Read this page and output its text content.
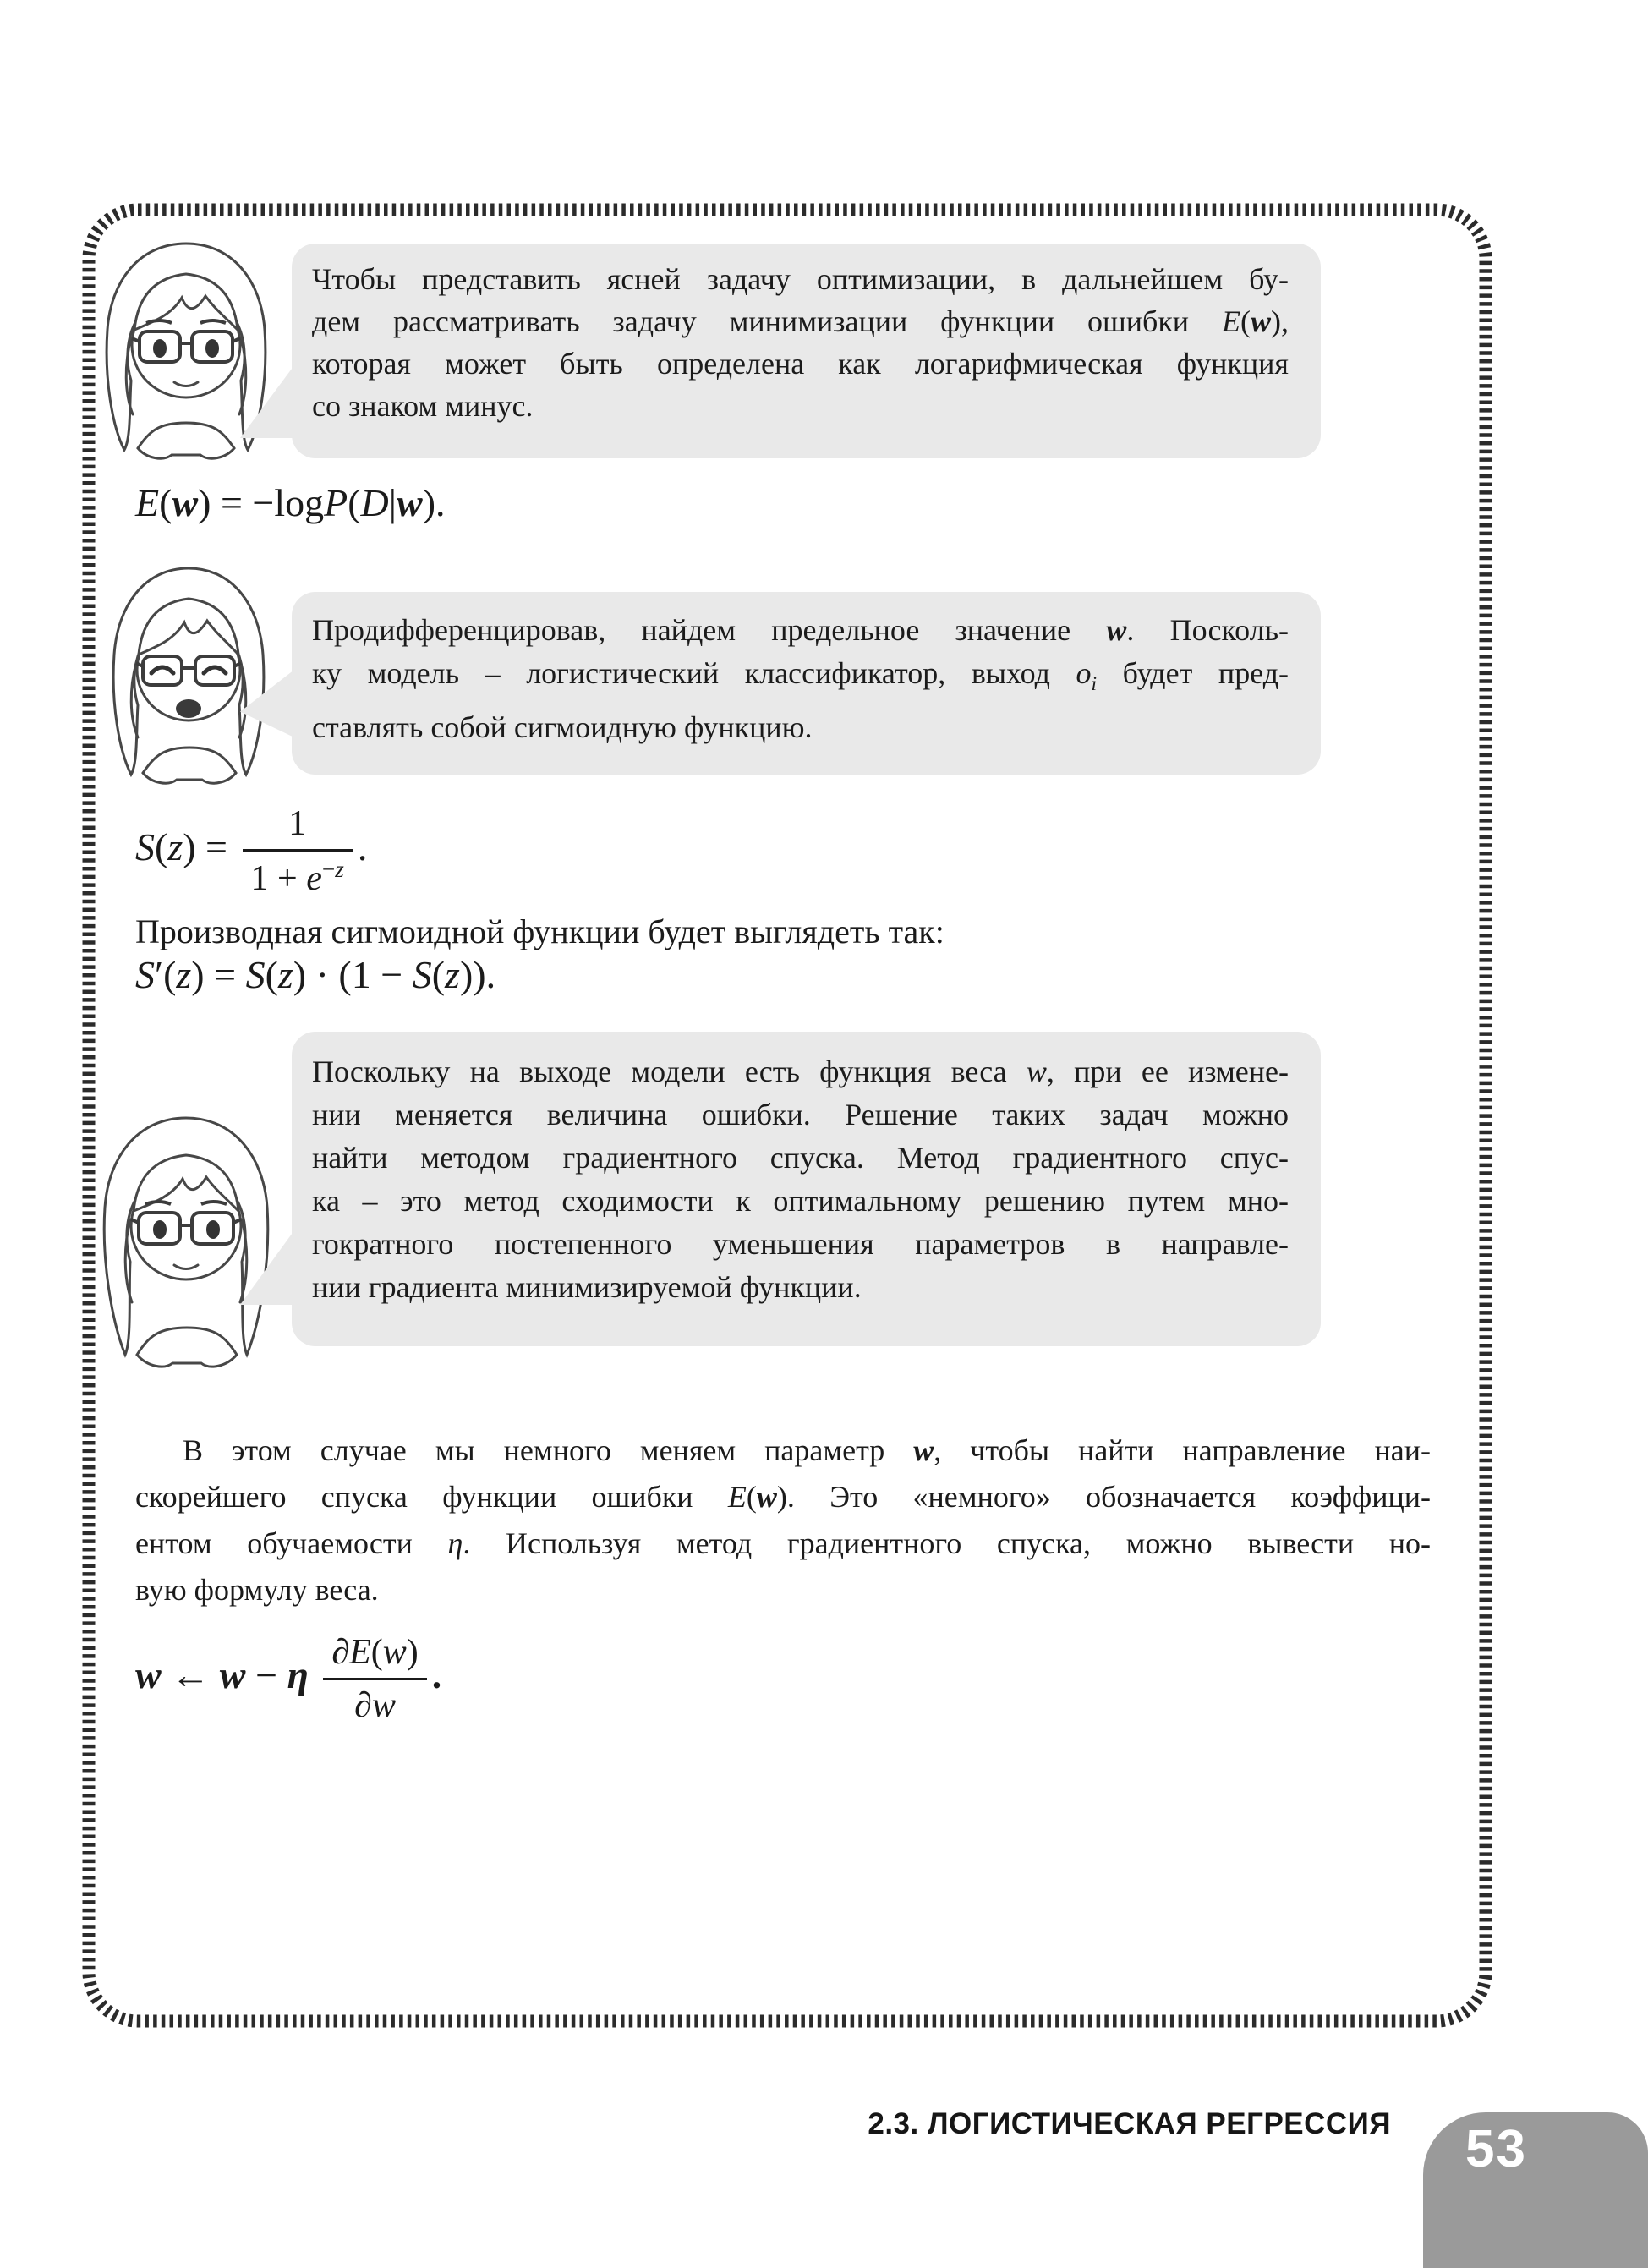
Чтобы представить ясней задачу оптимизации, в дальнейшем бу-
дем рассматривать задачу минимизации функции ошибки E(w),
которая может быть определена как логарифмическая функция
со знаком минус.
E(w) = −logP(D|w).
Продифференцировав, найдем предельное значение w. Посколь-
ку модель – логистический классификатор, выход $o_i$ будет пред-
ставлять собой сигмоидную функцию.
S(z) = 1
$1 + e^{-z}$.
Производная сигмоидной функции будет выглядеть так:
S′(z) = S(z) · (1 − S(z)).
Поскольку на выходе модели есть функция веса w, при ее измене-
нии меняется величина ошибки. Решение таких задач можно
найти методом градиентного спуска. Метод градиентного спус-
ка – это метод сходимости к оптимальному решению путем мно-
гократного постепенного уменьшения параметров в направле-
нии градиента минимизируемой функции.
В этом случае мы немного меняем параметр w, чтобы найти направление наи-
скорейшего спуска функции ошибки E(w). Это «немного» обозначается коэффици-
ентом обучаемости η. Используя метод градиентного спуска, можно вывести но-
вую формулу веса.
w ← w − η ∂E(w)
∂w.
2.3. ЛОГИСТИЧЕСКАЯ РЕГРЕССИЯ 53
